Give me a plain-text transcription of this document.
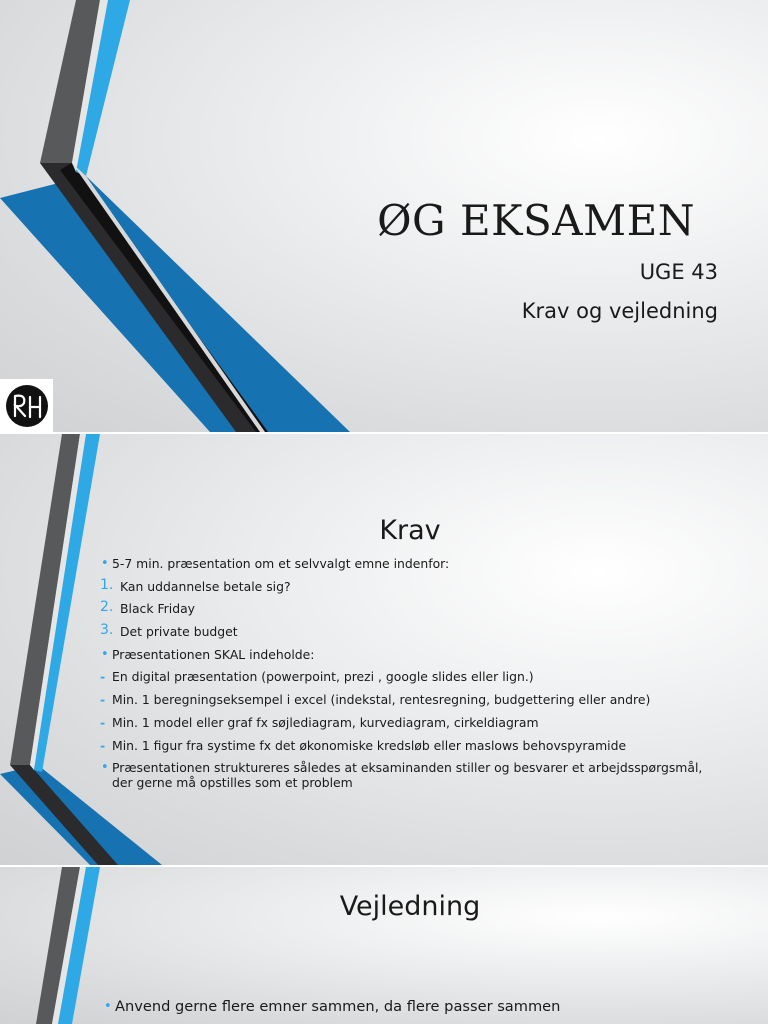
ØG EKSAMEN
UGE 43
Krav og vejledning
Krav
• 5-7 min. præsentation om et selvvalgt emne indenfor:
1. Kan uddannelse betale sig?
2. Black Friday
3. Det private budget
• Præsentationen SKAL indeholde:
- En digital præsentation (powerpoint, prezi , google slides eller lign.)
- Min. 1 beregningseksempel i excel (indekstal, rentesregning, budgettering eller andre)
- Min. 1 model eller graf fx søjlediagram, kurvediagram, cirkeldiagram
- Min. 1 figur fra systime fx det økonomiske kredsløb eller maslows behovspyramide
• Præsentationen struktureres således at eksaminanden stiller og besvarer et arbejdsspørgsmål, der gerne må opstilles som et problem
Vejledning
• Anvend gerne flere emner sammen, da flere passer sammen
